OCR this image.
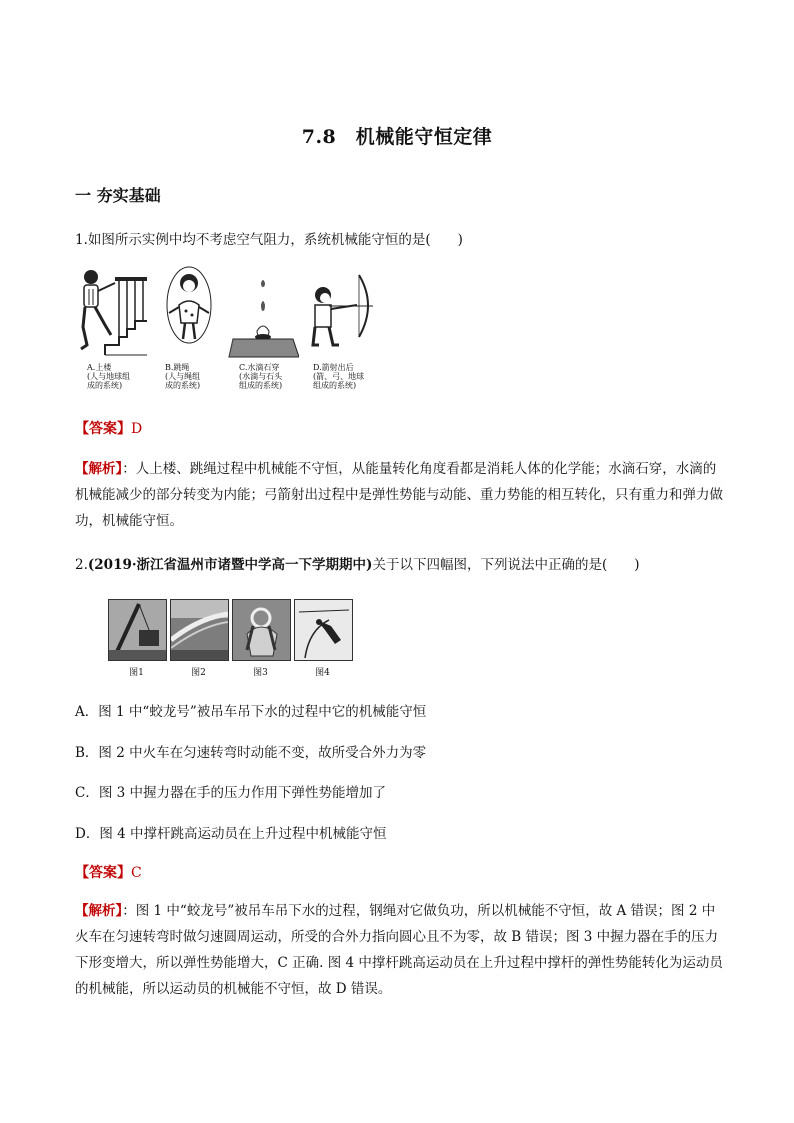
7.8　机械能守恒定律
一 夯实基础
1.如图所示实例中均不考虑空气阻力，系统机械能守恒的是(　　)
A.上楼
(人与地球组
成的系统)
B.跳绳
(人与绳组
成的系统)
C.水滴石穿
(水滴与石头
组成的系统)
D.箭射出后
(箭、弓、地球
组成的系统)
【答案】D
【解析】：人上楼、跳绳过程中机械能不守恒，从能量转化角度看都是消耗人体的化学能；水滴石穿，水滴的机械能减少的部分转变为内能；弓箭射出过程中是弹性势能与动能、重力势能的相互转化，只有重力和弹力做功，机械能守恒。
2.(2019·浙江省温州市诸暨中学高一下学期期中)关于以下四幅图，下列说法中正确的是(　　)
图1	图2	图3	图4
A．图 1 中“蛟龙号”被吊车吊下水的过程中它的机械能守恒
B．图 2 中火车在匀速转弯时动能不变，故所受合外力为零
C．图 3 中握力器在手的压力作用下弹性势能增加了
D．图 4 中撑杆跳高运动员在上升过程中机械能守恒
【答案】C
【解析】：图 1 中“蛟龙号”被吊车吊下水的过程，钢绳对它做负功，所以机械能不守恒，故 A 错误；图 2 中火车在匀速转弯时做匀速圆周运动，所受的合外力指向圆心且不为零，故 B 错误；图 3 中握力器在手的压力下形变增大，所以弹性势能增大，C 正确. 图 4 中撑杆跳高运动员在上升过程中撑杆的弹性势能转化为运动员的机械能，所以运动员的机械能不守恒，故 D 错误。
